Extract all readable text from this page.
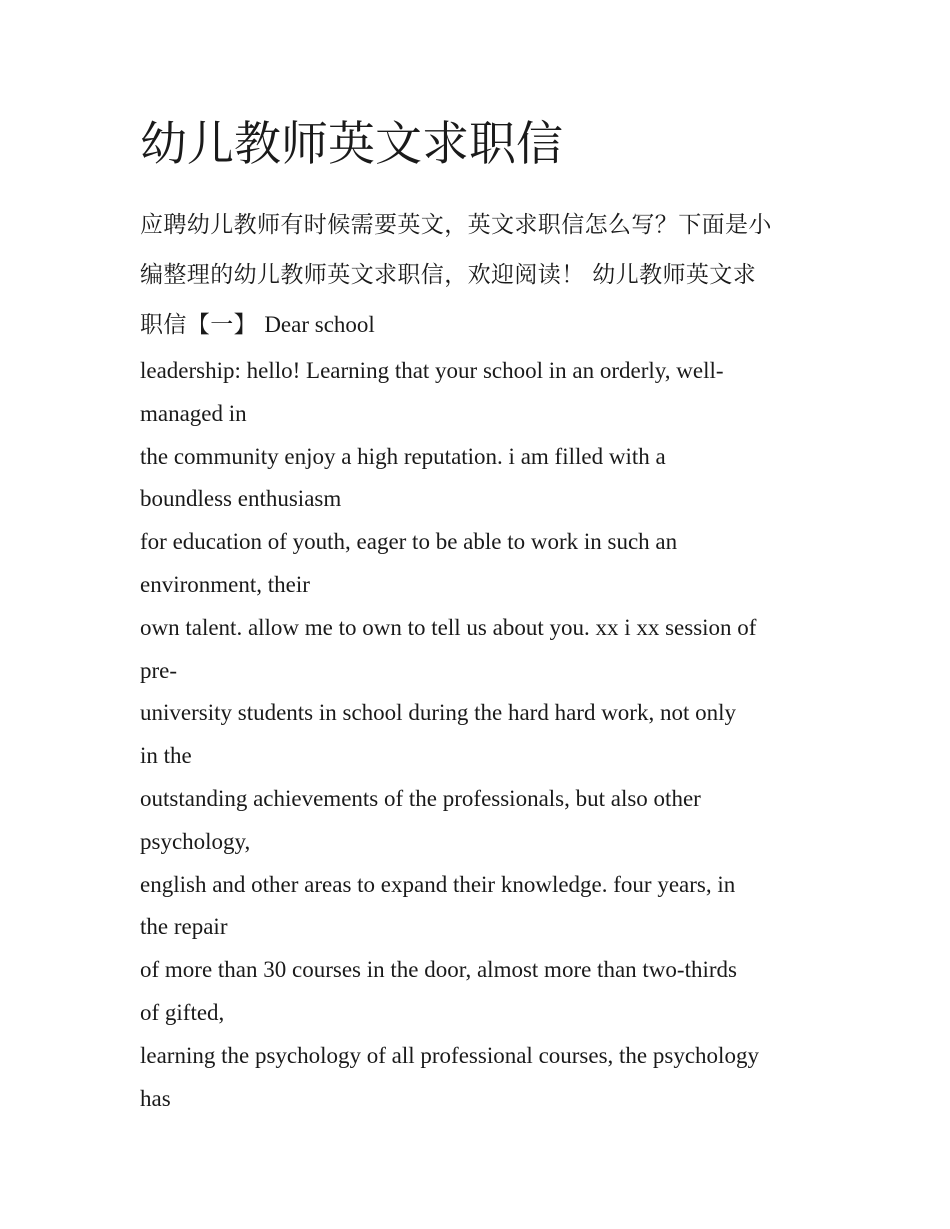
幼儿教师英文求职信
应聘幼儿教师有时候需要英文，英文求职信怎么写？下面是小
编整理的幼儿教师英文求职信，欢迎阅读！ 幼儿教师英文求
职信【一】 Dear school
leadership: hello! Learning that your school in an orderly, well-
managed in
the community enjoy a high reputation. i am filled with a
boundless enthusiasm
for education of youth, eager to be able to work in such an
environment, their
own talent. allow me to own to tell us about you. xx i xx session of
pre-
university students in school during the hard hard work, not only
in the
outstanding achievements of the professionals, but also other
psychology,
english and other areas to expand their knowledge. four years, in
the repair
of more than 30 courses in the door, almost more than two-thirds
of gifted,
learning the psychology of all professional courses, the psychology
has
